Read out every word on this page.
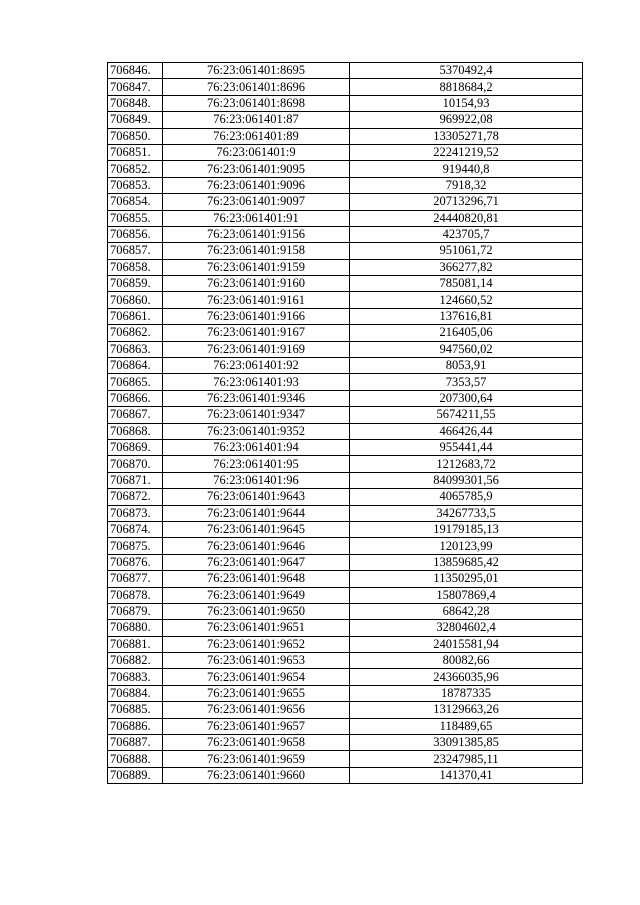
706846.	76:23:061401:8695	5370492,4
706847.	76:23:061401:8696	8818684,2
706848.	76:23:061401:8698	10154,93
706849.	76:23:061401:87	969922,08
706850.	76:23:061401:89	13305271,78
706851.	76:23:061401:9	22241219,52
706852.	76:23:061401:9095	919440,8
706853.	76:23:061401:9096	7918,32
706854.	76:23:061401:9097	20713296,71
706855.	76:23:061401:91	24440820,81
706856.	76:23:061401:9156	423705,7
706857.	76:23:061401:9158	951061,72
706858.	76:23:061401:9159	366277,82
706859.	76:23:061401:9160	785081,14
706860.	76:23:061401:9161	124660,52
706861.	76:23:061401:9166	137616,81
706862.	76:23:061401:9167	216405,06
706863.	76:23:061401:9169	947560,02
706864.	76:23:061401:92	8053,91
706865.	76:23:061401:93	7353,57
706866.	76:23:061401:9346	207300,64
706867.	76:23:061401:9347	5674211,55
706868.	76:23:061401:9352	466426,44
706869.	76:23:061401:94	955441,44
706870.	76:23:061401:95	1212683,72
706871.	76:23:061401:96	84099301,56
706872.	76:23:061401:9643	4065785,9
706873.	76:23:061401:9644	34267733,5
706874.	76:23:061401:9645	19179185,13
706875.	76:23:061401:9646	120123,99
706876.	76:23:061401:9647	13859685,42
706877.	76:23:061401:9648	11350295,01
706878.	76:23:061401:9649	15807869,4
706879.	76:23:061401:9650	68642,28
706880.	76:23:061401:9651	32804602,4
706881.	76:23:061401:9652	24015581,94
706882.	76:23:061401:9653	80082,66
706883.	76:23:061401:9654	24366035,96
706884.	76:23:061401:9655	18787335
706885.	76:23:061401:9656	13129663,26
706886.	76:23:061401:9657	118489,65
706887.	76:23:061401:9658	33091385,85
706888.	76:23:061401:9659	23247985,11
706889.	76:23:061401:9660	141370,41
